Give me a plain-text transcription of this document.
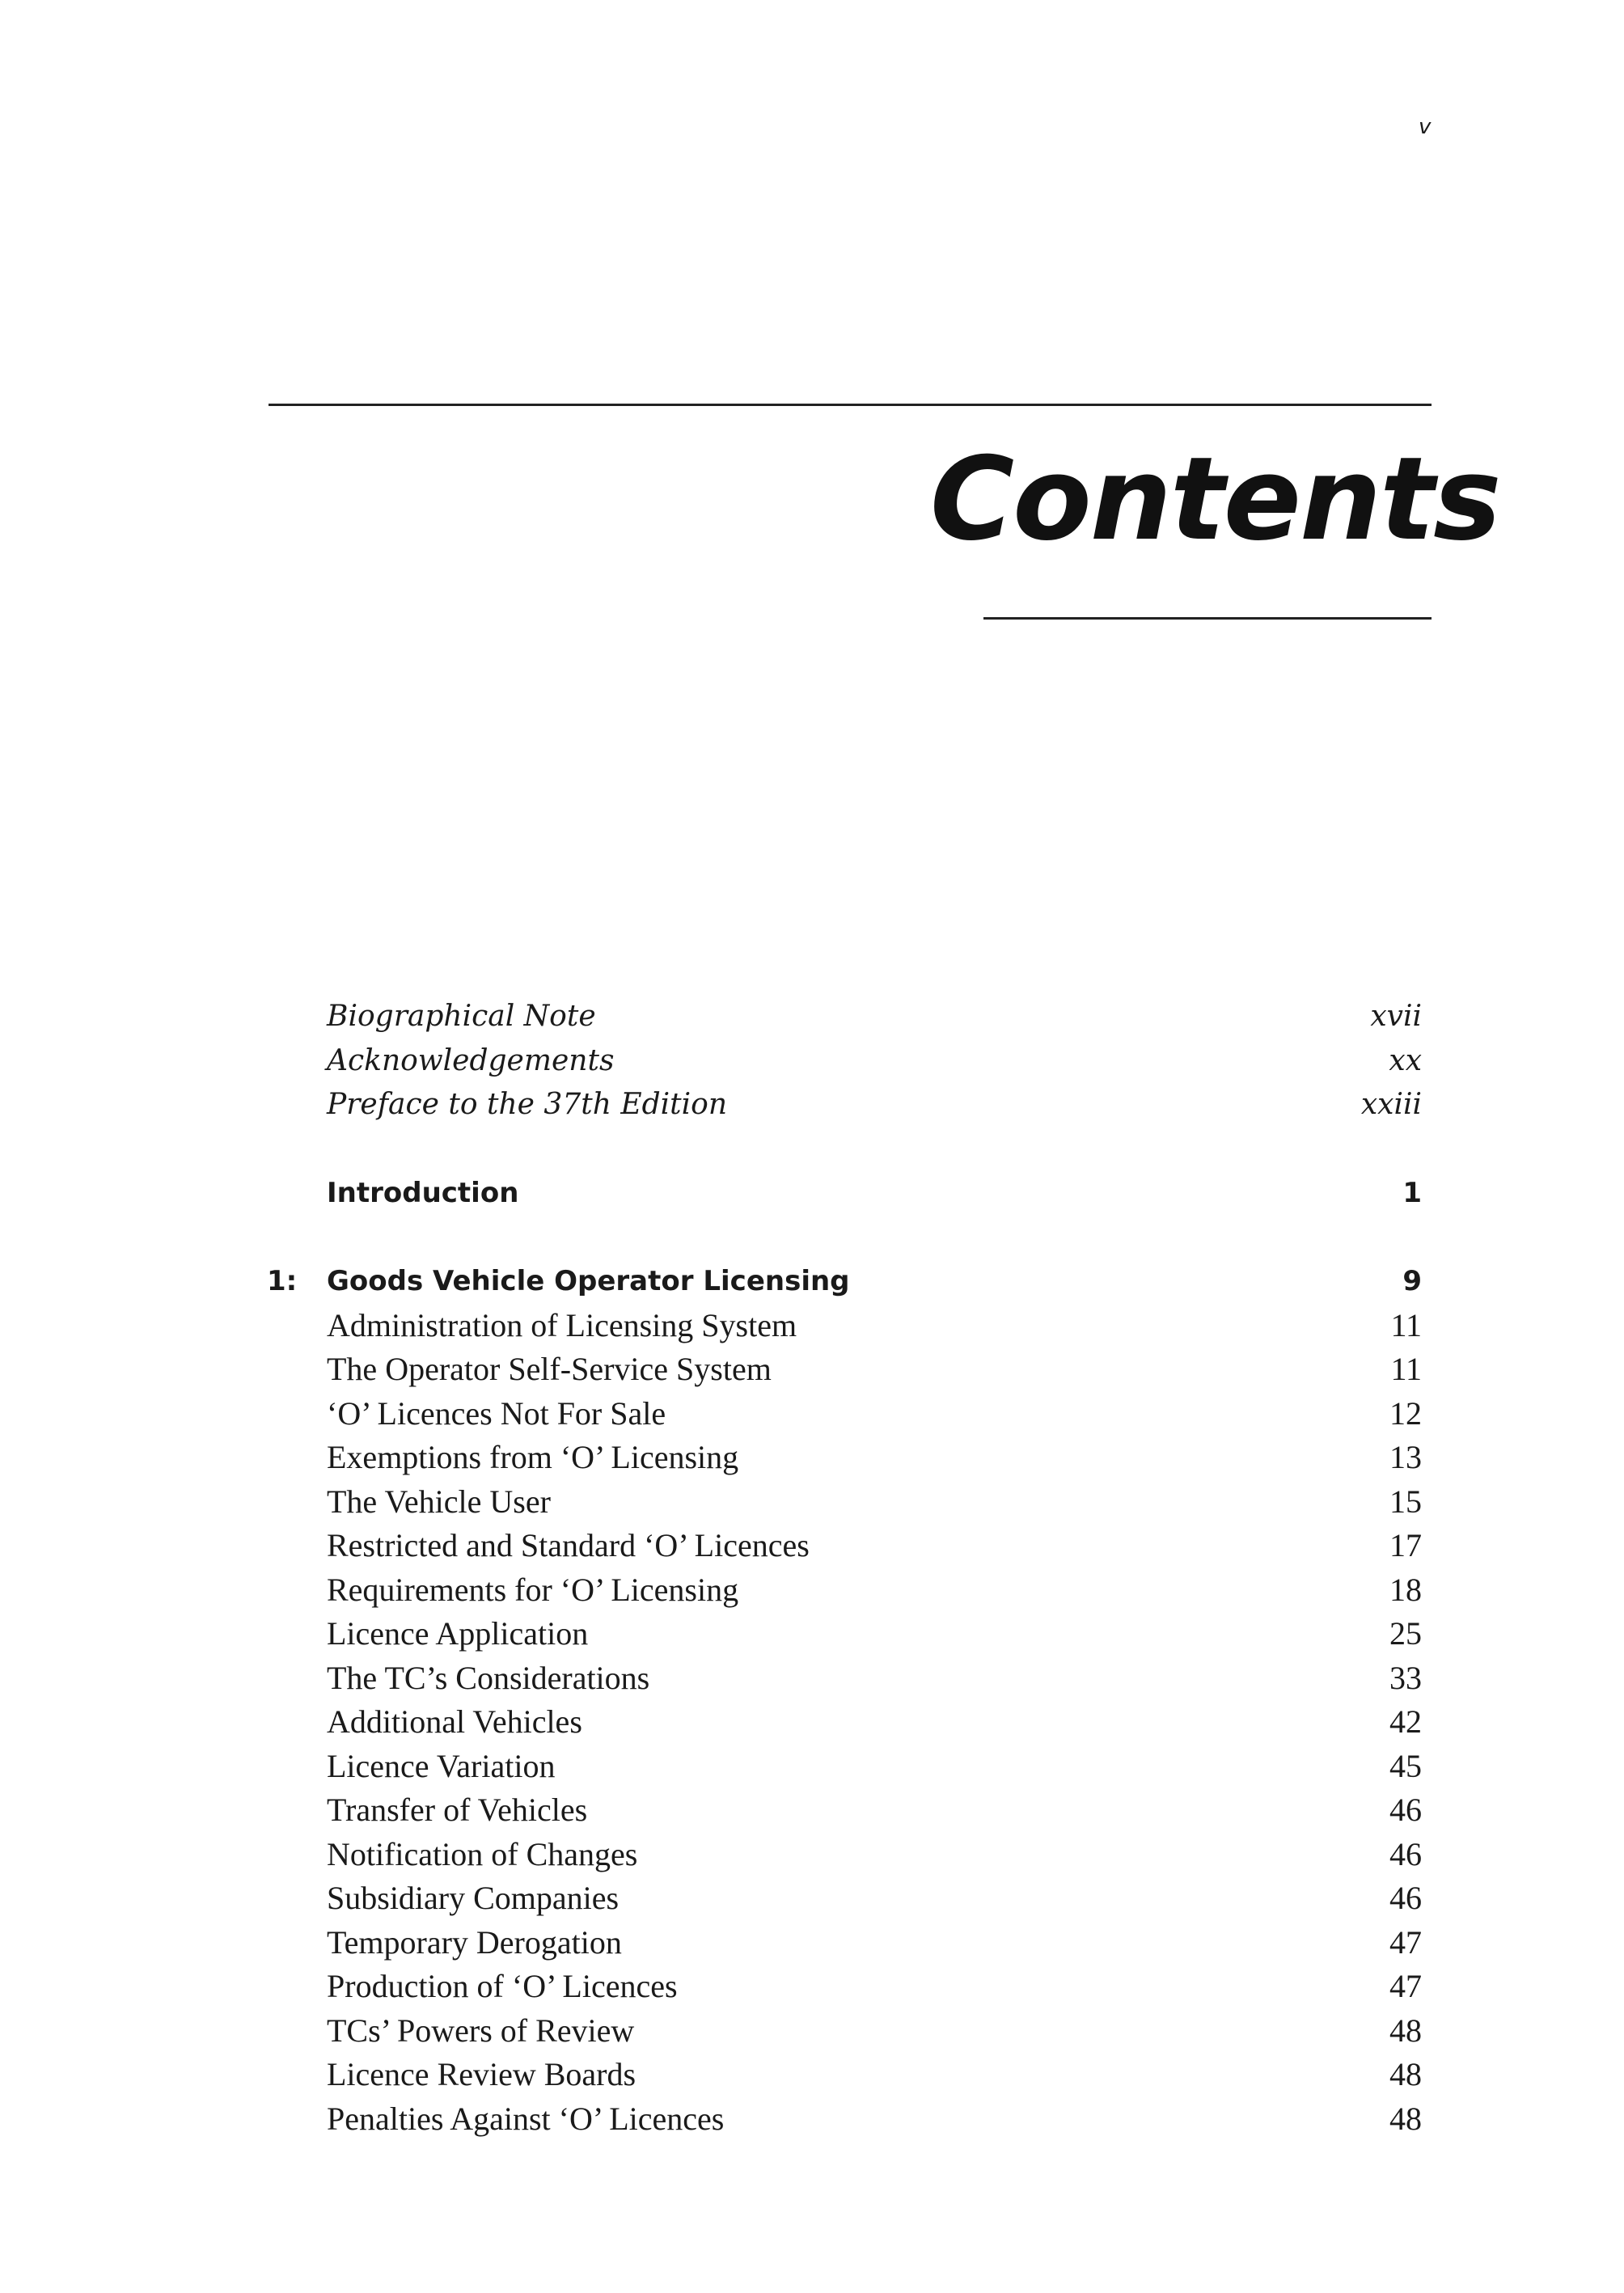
v
Contents
Biographical Note	xvii
Acknowledgements	xx
Preface to the 37th Edition	xxiii
Introduction	1
1: Goods Vehicle Operator Licensing	9
Administration of Licensing System	11
The Operator Self-Service System	11
‘O’ Licences Not For Sale	12
Exemptions from ‘O’ Licensing	13
The Vehicle User	15
Restricted and Standard ‘O’ Licences	17
Requirements for ‘O’ Licensing	18
Licence Application	25
The TC’s Considerations	33
Additional Vehicles	42
Licence Variation	45
Transfer of Vehicles	46
Notification of Changes	46
Subsidiary Companies	46
Temporary Derogation	47
Production of ‘O’ Licences	47
TCs’ Powers of Review	48
Licence Review Boards	48
Penalties Against ‘O’ Licences	48
